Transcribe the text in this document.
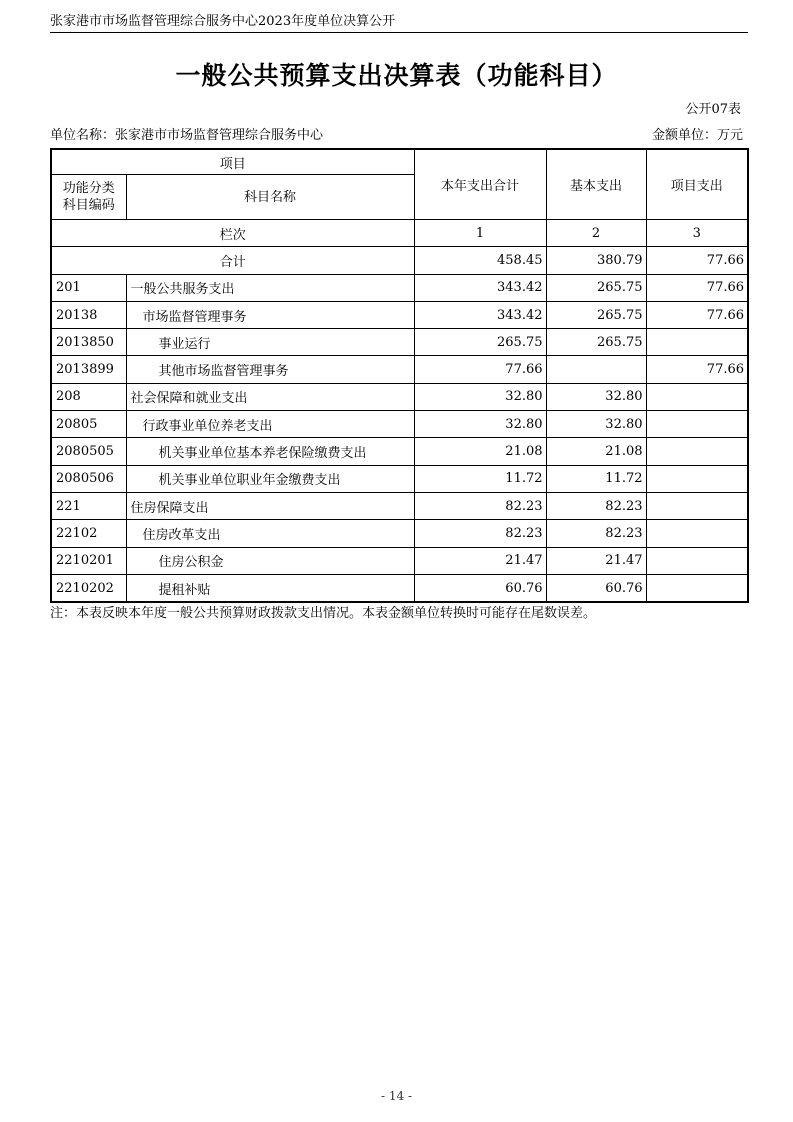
张家港市市场监督管理综合服务中心2023年度单位决算公开
一般公共预算支出决算表（功能科目）
公开07表
单位名称：张家港市市场监督管理综合服务中心	金额单位：万元
项目		本年支出合计	基本支出	项目支出
功能分类
科目编码	科目名称			
栏次		1	2	3
合计		458.45	380.79	77.66
201	一般公共服务支出	343.42	265.75	77.66
20138	市场监督管理事务	343.42	265.75	77.66
2013850	事业运行	265.75	265.75	
2013899	其他市场监督管理事务	77.66		77.66
208	社会保障和就业支出	32.80	32.80	
20805	行政事业单位养老支出	32.80	32.80	
2080505	机关事业单位基本养老保险缴费支出	21.08	21.08	
2080506	机关事业单位职业年金缴费支出	11.72	11.72	
221	住房保障支出	82.23	82.23	
22102	住房改革支出	82.23	82.23	
2210201	住房公积金	21.47	21.47	
2210202	提租补贴	60.76	60.76	
注：本表反映本年度一般公共预算财政拨款支出情况。本表金额单位转换时可能存在尾数误差。
- 14 -
